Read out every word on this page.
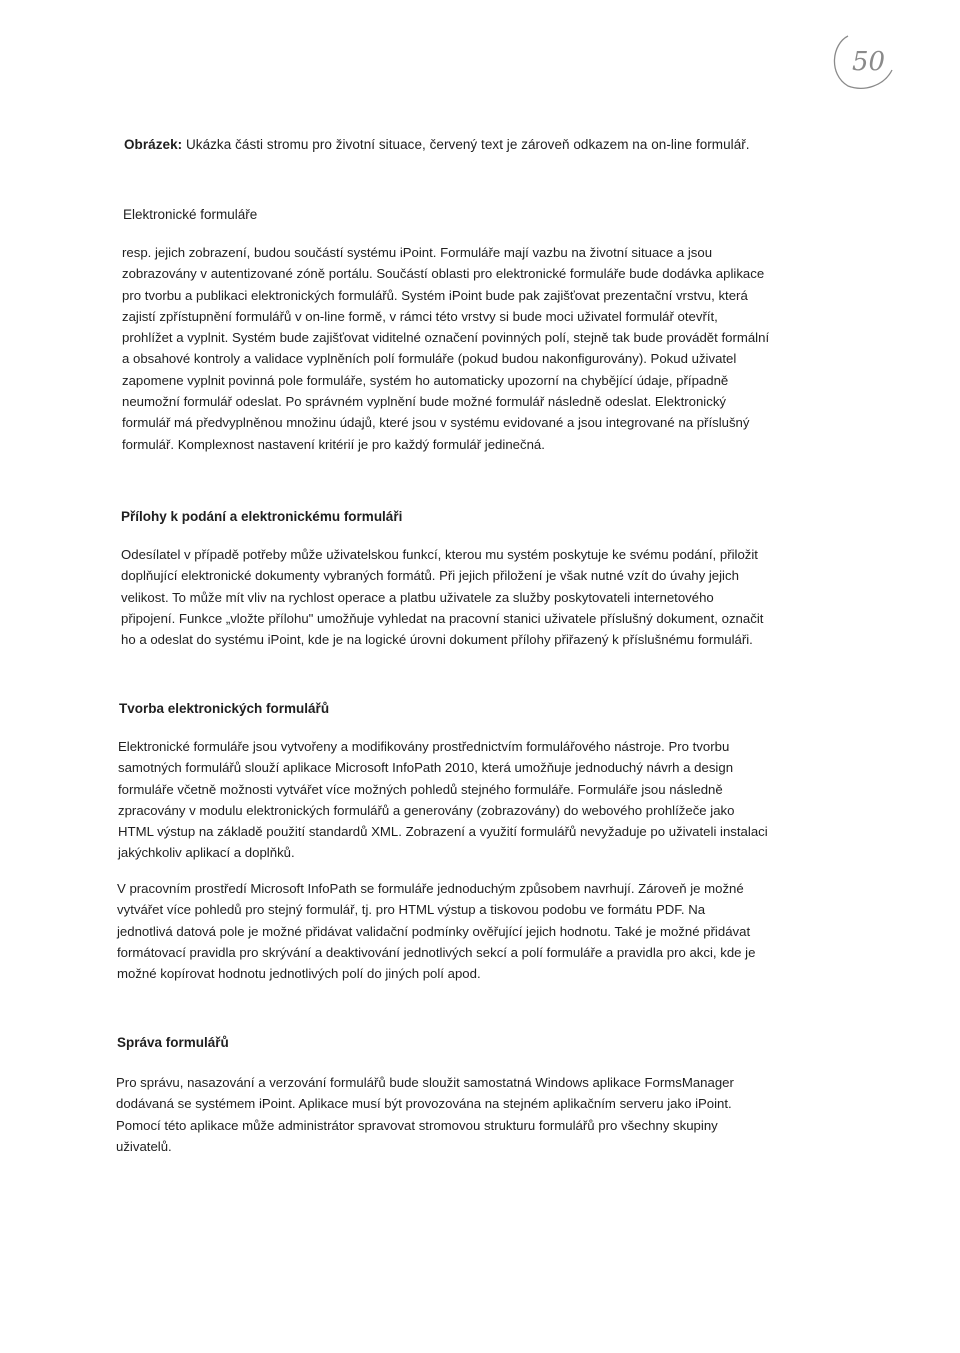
50
Obrázek: Ukázka části stromu pro životní situace, červený text je zároveň odkazem na on-line formulář.
Elektronické formuláře
resp. jejich zobrazení, budou součástí systému iPoint. Formuláře mají vazbu na životní situace a jsou
zobrazovány v autentizované zóně portálu. Součástí oblasti pro elektronické formuláře bude dodávka aplikace
pro tvorbu a publikaci elektronických formulářů. Systém iPoint bude pak zajišťovat prezentační vrstvu, která
zajistí zpřístupnění formulářů v on-line formě, v rámci této vrstvy si bude moci uživatel formulář otevřít,
prohlížet a vyplnit. Systém bude zajišťovat viditelné označení povinných polí, stejně tak bude provádět formální
a obsahové kontroly a validace vyplněních polí formuláře (pokud budou nakonfigurovány). Pokud uživatel
zapomene vyplnit povinná pole formuláře, systém ho automaticky upozorní na chybějící údaje, případně
neumožní formulář odeslat. Po správném vyplnění bude možné formulář následně odeslat. Elektronický
formulář má předvyplněnou množinu údajů, které jsou v systému evidované a jsou integrované na příslušný
formulář. Komplexnost nastavení kritérií je pro každý formulář jedinečná.
Přílohy k podání a elektronickému formuláři
Odesílatel v případě potřeby může uživatelskou funkcí, kterou mu systém poskytuje ke svému podání, přiložit
doplňující elektronické dokumenty vybraných formátů. Při jejich přiložení je však nutné vzít do úvahy jejich
velikost. To může mít vliv na rychlost operace a platbu uživatele za služby poskytovateli internetového
připojení. Funkce „vložte přílohu" umožňuje vyhledat na pracovní stanici uživatele příslušný dokument, označit
ho a odeslat do systému iPoint, kde je na logické úrovni dokument přílohy přiřazený k příslušnému formuláři.
Tvorba elektronických formulářů
Elektronické formuláře jsou vytvořeny a modifikovány prostřednictvím formulářového nástroje. Pro tvorbu
samotných formulářů slouží aplikace Microsoft InfoPath 2010, která umožňuje jednoduchý návrh a design
formuláře včetně možnosti vytvářet více možných pohledů stejného formuláře. Formuláře jsou následně
zpracovány v modulu elektronických formulářů a generovány (zobrazovány) do webového prohlížeče jako
HTML výstup na základě použití standardů XML. Zobrazení a využití formulářů nevyžaduje po uživateli instalaci
jakýchkoliv aplikací a doplňků.
V pracovním prostředí Microsoft InfoPath se formuláře jednoduchým způsobem navrhují. Zároveň je možné
vytvářet více pohledů pro stejný formulář, tj. pro HTML výstup a tiskovou podobu ve formátu PDF. Na
jednotlivá datová pole je možné přidávat validační podmínky ověřující jejich hodnotu. Také je možné přidávat
formátovací pravidla pro skrývání a deaktivování jednotlivých sekcí a polí formuláře a pravidla pro akci, kde je
možné kopírovat hodnotu jednotlivých polí do jiných polí apod.
Správa formulářů
Pro správu, nasazování a verzování formulářů bude sloužit samostatná Windows aplikace FormsManager
dodávaná se systémem iPoint. Aplikace musí být provozována na stejném aplikačním serveru jako iPoint.
Pomocí této aplikace může administrátor spravovat stromovou strukturu formulářů pro všechny skupiny
uživatelů.
